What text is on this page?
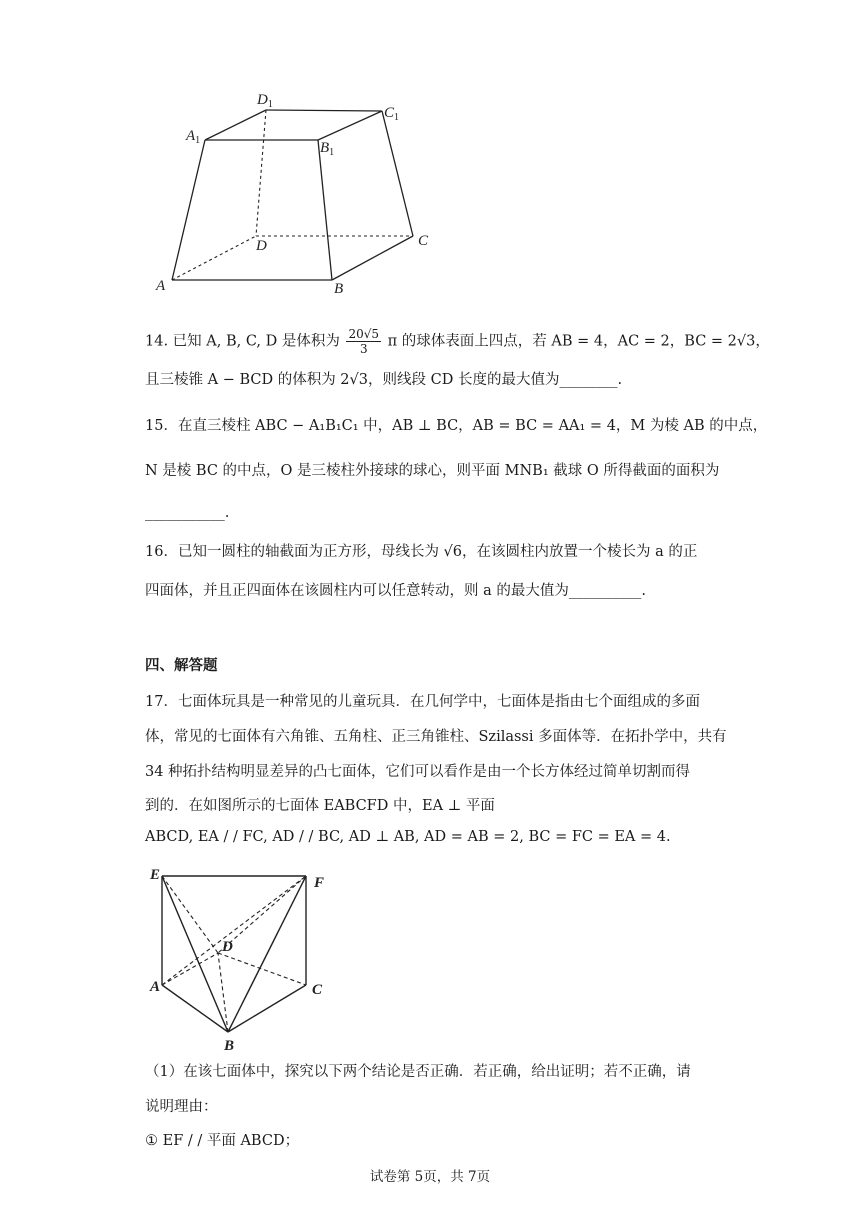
$D_1$
$C_1$
$A_1$	$B_1$
D	C
A	B
14. 已知 A, B, C, D 是体积为 $\frac{20√5}{3}$ π 的球体表面上四点，若 AB = 4，AC = 2，BC = 2√3，
且三棱锥 A − BCD 的体积为 2√3，则线段 CD 长度的最大值为________.
15．在直三棱柱 ABC − A₁B₁C₁ 中，AB ⊥ BC，AB = BC = AA₁ = 4，M 为棱 AB 的中点，
N 是棱 BC 的中点，O 是三棱柱外接球的球心，则平面 MNB₁ 截球 O 所得截面的面积为
___________.
16．已知一圆柱的轴截面为正方形，母线长为 √6，在该圆柱内放置一个棱长为 a 的正
四面体，并且正四面体在该圆柱内可以任意转动，则 a 的最大值为__________.
四、解答题
17．七面体玩具是一种常见的儿童玩具．在几何学中，七面体是指由七个面组成的多面
体，常见的七面体有六角锥、五角柱、正三角锥柱、Szilassi 多面体等．在拓扑学中，共有
34 种拓扑结构明显差异的凸七面体，它们可以看作是由一个长方体经过简单切割而得
到的．在如图所示的七面体 EABCFD 中，EA ⊥ 平面
ABCD, EA / / FC, AD / / BC, AD ⊥ AB, AD = AB = 2, BC = FC = EA = 4.
E	F
D
A	C
B
（1）在该七面体中，探究以下两个结论是否正确．若正确，给出证明；若不正确，请
说明理由：
① EF / / 平面 ABCD；
试卷第 5页，共 7页
